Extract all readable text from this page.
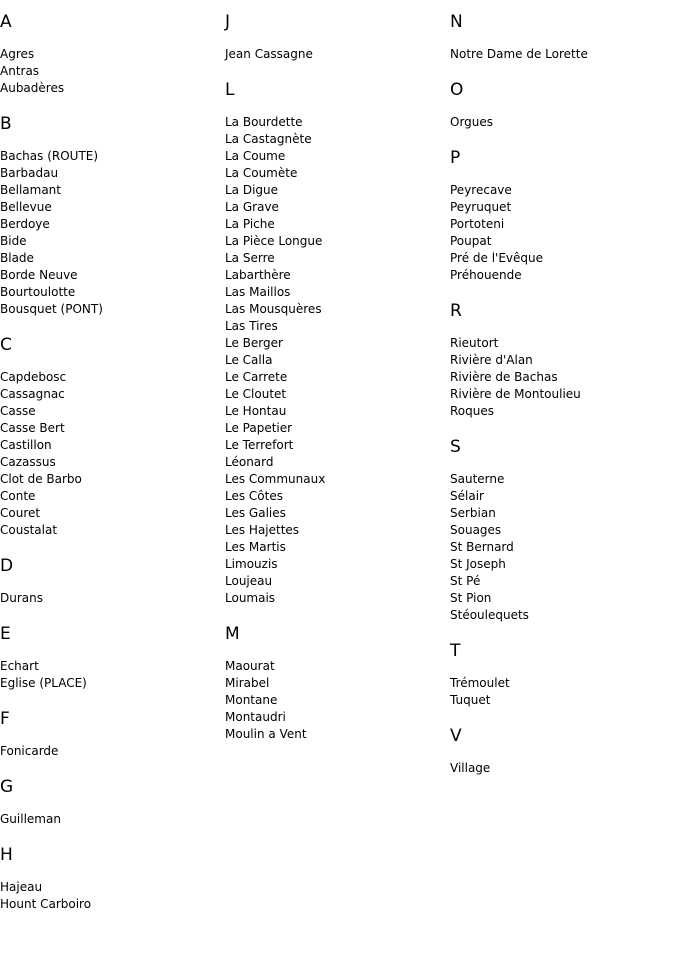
A
Agres
Antras
Aubadères
B
Bachas (ROUTE)
Barbadau
Bellamant
Bellevue
Berdoye
Bide
Blade
Borde Neuve
Bourtoulotte
Bousquet (PONT)
C
Capdebosc
Cassagnac
Casse
Casse Bert
Castillon
Cazassus
Clot de Barbo
Conte
Couret
Coustalat
D
Durans
E
Echart
Eglise (PLACE)
F
Fonicarde
G
Guilleman
H
Hajeau
Hount Carboiro
J
Jean Cassagne
L
La Bourdette
La Castagnète
La Coume
La Coumète
La Digue
La Grave
La Piche
La Pièce Longue
La Serre
Labarthère
Las Maillos
Las Mousquères
Las Tires
Le Berger
Le Calla
Le Carrete
Le Cloutet
Le Hontau
Le Papetier
Le Terrefort
Léonard
Les Communaux
Les Côtes
Les Galies
Les Hajettes
Les Martis
Limouzis
Loujeau
Loumais
M
Maourat
Mirabel
Montane
Montaudri
Moulin a Vent
N
Notre Dame de Lorette
O
Orgues
P
Peyrecave
Peyruquet
Portoteni
Poupat
Pré de l'Evêque
Préhouende
R
Rieutort
Rivière d'Alan
Rivière de Bachas
Rivière de Montoulieu
Roques
S
Sauterne
Sélair
Serbian
Souages
St Bernard
St Joseph
St Pé
St Pion
Stéoulequets
T
Trémoulet
Tuquet
V
Village
